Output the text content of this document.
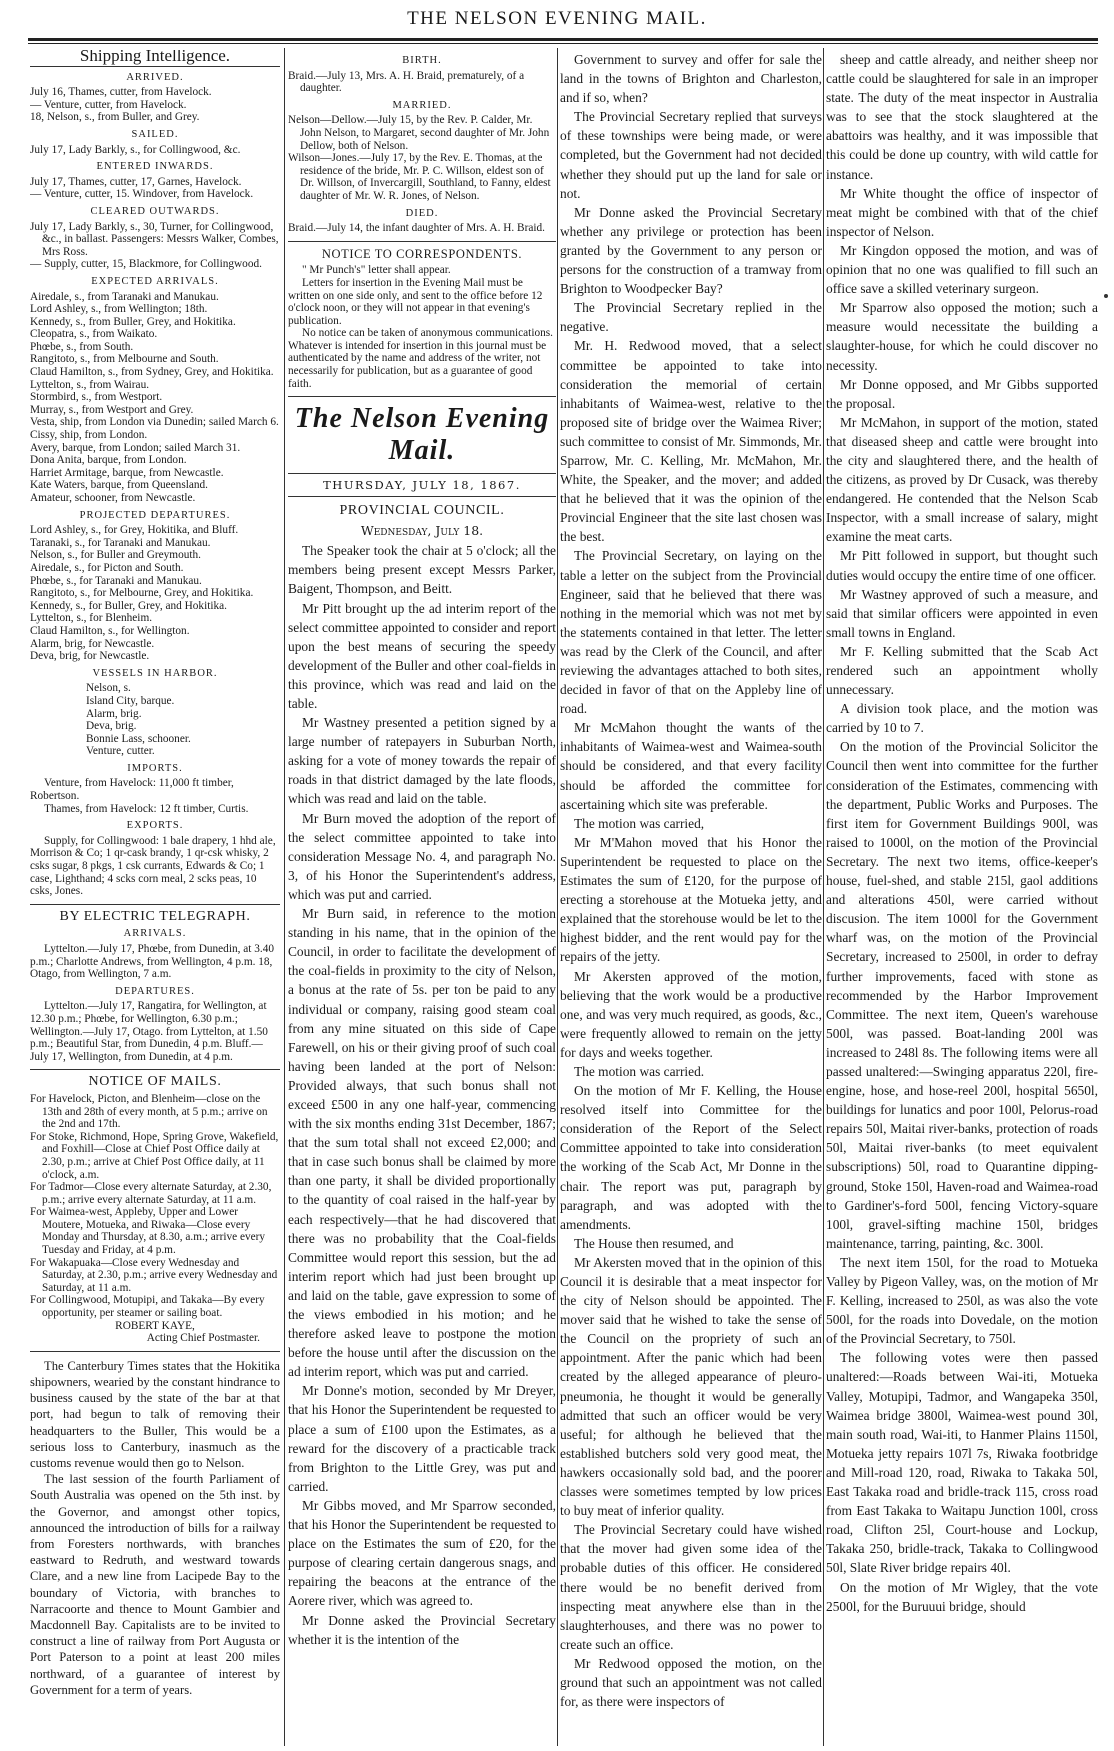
THE NELSON EVENING MAIL.
Shipping Intelligence.
ARRIVED.

July 16, Thames, cutter, from Havelock.

— Venture, cutter, from Havelock.

18, Nelson, s., from Buller, and Grey.

SAILED.

July 17, Lady Barkly, s., for Collingwood, &c.

ENTERED INWARDS.

July 17, Thames, cutter, 17, Garnes, Havelock.

— Venture, cutter, 15. Windover, from Havelock.

CLEARED OUTWARDS.

July 17, Lady Barkly, s., 30, Turner, for Collingwood, &c., in ballast. Passengers: Messrs Walker, Combes, Mrs Ross.

— Supply, cutter, 15, Blackmore, for Collingwood.

EXPECTED ARRIVALS.

Airedale, s., from Taranaki and Manukau.

Lord Ashley, s., from Wellington; 18th.

Kennedy, s., from Buller, Grey, and Hokitika.

Cleopatra, s., from Waikato.

Phœbe, s., from South.

Rangitoto, s., from Melbourne and South.

Claud Hamilton, s., from Sydney, Grey, and Hokitika.

Lyttelton, s., from Wairau.

Stormbird, s., from Westport.

Murray, s., from Westport and Grey.

Vesta, ship, from London via Dunedin; sailed March 6.

Cissy, ship, from London.

Avery, barque, from London; sailed March 31.

Dona Anita, barque, from London.

Harriet Armitage, barque, from Newcastle.

Kate Waters, barque, from Queensland.

Amateur, schooner, from Newcastle.

PROJECTED DEPARTURES.

Lord Ashley, s., for Grey, Hokitika, and Bluff.

Taranaki, s., for Taranaki and Manukau.

Nelson, s., for Buller and Greymouth.

Airedale, s., for Picton and South.

Phœbe, s., for Taranaki and Manukau.

Rangitoto, s., for Melbourne, Grey, and Hokitika.

Kennedy, s., for Buller, Grey, and Hokitika.

Lyttelton, s., for Blenheim.

Claud Hamilton, s., for Wellington.

Alarm, brig, for Newcastle.

Deva, brig, for Newcastle.

VESSELS IN HARBOR.

Nelson, s.

Island City, barque.

Alarm, brig.

Deva, brig.

Bonnie Lass, schooner.

Venture, cutter.

IMPORTS.

Venture, from Havelock: 11,000 ft timber, Robertson.

Thames, from Havelock: 12 ft timber, Curtis.

EXPORTS.

Supply, for Collingwood: 1 bale drapery, 1 hhd ale, Morrison & Co; 1 qr-cask brandy, 1 qr-csk whisky, 2 csks sugar, 8 pkgs, 1 csk currants, Edwards & Co; 1 case, Lighthand; 4 scks corn meal, 2 scks peas, 10 csks, Jones.

BY ELECTRIC TELEGRAPH.
ARRIVALS.

Lyttelton.—July 17, Phœbe, from Dunedin, at 3.40 p.m.; Charlotte Andrews, from Wellington, 4 p.m. 18, Otago, from Wellington, 7 a.m.

DEPARTURES.

Lyttelton.—July 17, Rangatira, for Wellington, at 12.30 p.m.; Phœbe, for Wellington, 6.30 p.m.; Wellington.—July 17, Otago. from Lyttelton, at 1.50 p.m.; Beautiful Star, from Dunedin, 4 p.m. Bluff.—July 17, Wellington, from Dunedin, at 4 p.m.

NOTICE OF MAILS.

For Havelock, Picton, and Blenheim—close on the 13th and 28th of every month, at 5 p.m.; arrive on the 2nd and 17th.

For Stoke, Richmond, Hope, Spring Grove, Wakefield, and Foxhill—Close at Chief Post Office daily at 2.30, p.m.; arrive at Chief Post Office daily, at 11 o'clock, a.m.

For Tadmor—Close every alternate Saturday, at 2.30, p.m.; arrive every alternate Saturday, at 11 a.m.

For Waimea-west, Appleby, Upper and Lower Moutere, Motueka, and Riwaka—Close every Monday and Thursday, at 8.30, a.m.; arrive every Tuesday and Friday, at 4 p.m.

For Wakapuaka—Close every Wednesday and Saturday, at 2.30, p.m.; arrive every Wednesday and Saturday, at 11 a.m.

For Collingwood, Motupipi, and Takaka—By every opportunity, per steamer or sailing boat.

ROBERT KAYE,
Acting Chief Postmaster.

The Canterbury Times states that the Hokitika shipowners, wearied by the constant hindrance to business caused by the state of the bar at that port, had begun to talk of removing their headquarters to the Buller, This would be a serious loss to Canterbury, inasmuch as the customs revenue would then go to Nelson.

The last session of the fourth Parliament of South Australia was opened on the 5th inst. by the Governor, and amongst other topics, announced the introduction of bills for a railway from Foresters northwards, with branches eastward to Redruth, and westward towards Clare, and a new line from Lacipede Bay to the boundary of Victoria, with branches to Narracoorte and thence to Mount Gambier and Macdonnell Bay. Capitalists are to be invited to construct a line of railway from Port Augusta or Port Paterson to a point at least 200 miles northward, of a guarantee of interest by Government for a term of years.

BIRTH.

Braid.—July 13, Mrs. A. H. Braid, prematurely, of a daughter.

MARRIED.

Nelson—Dellow.—July 15, by the Rev. P. Calder, Mr. John Nelson, to Margaret, second daughter of Mr. John Dellow, both of Nelson.

Wilson—Jones.—July 17, by the Rev. E. Thomas, at the residence of the bride, Mr. P. C. Willson, eldest son of Dr. Willson, of Invercargill, Southland, to Fanny, eldest daughter of Mr. W. R. Jones, of Nelson.

DIED.

Braid.—July 14, the infant daughter of Mrs. A. H. Braid.

NOTICE TO CORRESPONDENTS.

" Mr Punch's" letter shall appear.

Letters for insertion in the Evening Mail must be written on one side only, and sent to the office before 12 o'clock noon, or they will not appear in that evening's publication.

No notice can be taken of anonymous communications. Whatever is intended for insertion in this journal must be authenticated by the name and address of the writer, not necessarily for publication, but as a guarantee of good faith.

The Nelson Evening Mail.
THURSDAY, JULY 18, 1867.
PROVINCIAL COUNCIL.
Wednesday, July 18.

The Speaker took the chair at 5 o'clock; all the members being present except Messrs Parker, Baigent, Thompson, and Beitt.

Mr Pitt brought up the ad interim report of the select committee appointed to consider and report upon the best means of securing the speedy development of the Buller and other coal-fields in this province, which was read and laid on the table.

Mr Wastney presented a petition signed by a large number of ratepayers in Suburban North, asking for a vote of money towards the repair of roads in that district damaged by the late floods, which was read and laid on the table.

Mr Burn moved the adoption of the report of the select committee appointed to take into consideration Message No. 4, and paragraph No. 3, of his Honor the Superintendent's address, which was put and carried.

Mr Burn said, in reference to the motion standing in his name, that in the opinion of the Council, in order to facilitate the development of the coal-fields in proximity to the city of Nelson, a bonus at the rate of 5s. per ton be paid to any individual or company, raising good steam coal from any mine situated on this side of Cape Farewell, on his or their giving proof of such coal having been landed at the port of Nelson: Provided always, that such bonus shall not exceed £500 in any one half-year, commencing with the six months ending 31st December, 1867; that the sum total shall not exceed £2,000; and that in case such bonus shall be claimed by more than one party, it shall be divided proportionally to the quantity of coal raised in the half-year by each respectively—that he had discovered that there was no probability that the Coal-fields Committee would report this session, but the ad interim report which had just been brought up and laid on the table, gave expression to some of the views embodied in his motion; and he therefore asked leave to postpone the motion before the house until after the discussion on the ad interim report, which was put and carried.

Mr Donne's motion, seconded by Mr Dreyer, that his Honor the Superintendent be requested to place a sum of £100 upon the Estimates, as a reward for the discovery of a practicable track from Brighton to the Little Grey, was put and carried.

Mr Gibbs moved, and Mr Sparrow seconded, that his Honor the Superintendent be requested to place on the Estimates the sum of £20, for the purpose of clearing certain dangerous snags, and repairing the beacons at the entrance of the Aorere river, which was agreed to.

Mr Donne asked the Provincial Secretary whether it is the intention of the

Government to survey and offer for sale the land in the towns of Brighton and Charleston, and if so, when?

The Provincial Secretary replied that surveys of these townships were being made, or were completed, but the Government had not decided whether they should put up the land for sale or not.

Mr Donne asked the Provincial Secretary whether any privilege or protection has been granted by the Government to any person or persons for the construction of a tramway from Brighton to Woodpecker Bay?

The Provincial Secretary replied in the negative.

Mr. H. Redwood moved, that a select committee be appointed to take into consideration the memorial of certain inhabitants of Waimea-west, relative to the proposed site of bridge over the Waimea River; such committee to consist of Mr. Simmonds, Mr. Sparrow, Mr. C. Kelling, Mr. McMahon, Mr. White, the Speaker, and the mover; and added that he believed that it was the opinion of the Provincial Engineer that the site last chosen was the best.

The Provincial Secretary, on laying on the table a letter on the subject from the Provincial Engineer, said that he believed that there was nothing in the memorial which was not met by the statements contained in that letter. The letter was read by the Clerk of the Council, and after reviewing the advantages attached to both sites, decided in favor of that on the Appleby line of road.

Mr McMahon thought the wants of the inhabitants of Waimea-west and Waimea-south should be considered, and that every facility should be afforded the committee for ascertaining which site was preferable.

The motion was carried,

Mr M'Mahon moved that his Honor the Superintendent be requested to place on the Estimates the sum of £120, for the purpose of erecting a storehouse at the Motueka jetty, and explained that the storehouse would be let to the highest bidder, and the rent would pay for the repairs of the jetty.

Mr Akersten approved of the motion, believing that the work would be a productive one, and was very much required, as goods, &c., were frequently allowed to remain on the jetty for days and weeks together.

The motion was carried.

On the motion of Mr F. Kelling, the House resolved itself into Committee for the consideration of the Report of the Select Committee appointed to take into consideration the working of the Scab Act, Mr Donne in the chair. The report was put, paragraph by paragraph, and was adopted with the amendments.

The House then resumed, and

Mr Akersten moved that in the opinion of this Council it is desirable that a meat inspector for the city of Nelson should be appointed. The mover said that he wished to take the sense of the Council on the propriety of such an appointment. After the panic which had been created by the alleged appearance of pleuro-pneumonia, he thought it would be generally admitted that such an officer would be very useful; for although he believed that the established butchers sold very good meat, the hawkers occasionally sold bad, and the poorer classes were sometimes tempted by low prices to buy meat of inferior quality.

The Provincial Secretary could have wished that the mover had given some idea of the probable duties of this officer. He considered there would be no benefit derived from inspecting meat anywhere else than in the slaughterhouses, and there was no power to create such an office.

Mr Redwood opposed the motion, on the ground that such an appointment was not called for, as there were inspectors of

sheep and cattle already, and neither sheep nor cattle could be slaughtered for sale in an improper state. The duty of the meat inspector in Australia was to see that the stock slaughtered at the abattoirs was healthy, and it was impossible that this could be done up country, with wild cattle for instance.

Mr White thought the office of inspector of meat might be combined with that of the chief inspector of Nelson.

Mr Kingdon opposed the motion, and was of opinion that no one was qualified to fill such an office save a skilled veterinary surgeon.

Mr Sparrow also opposed the motion; such a measure would necessitate the building a slaughter-house, for which he could discover no necessity.

Mr Donne opposed, and Mr Gibbs supported the proposal.

Mr McMahon, in support of the motion, stated that diseased sheep and cattle were brought into the city and slaughtered there, and the health of the citizens, as proved by Dr Cusack, was thereby endangered. He contended that the Nelson Scab Inspector, with a small increase of salary, might examine the meat carts.

Mr Pitt followed in support, but thought such duties would occupy the entire time of one officer.

Mr Wastney approved of such a measure, and said that similar officers were appointed in even small towns in England.

Mr F. Kelling submitted that the Scab Act rendered such an appointment wholly unnecessary.

A division took place, and the motion was carried by 10 to 7.

On the motion of the Provincial Solicitor the Council then went into committee for the further consideration of the Estimates, commencing with the department, Public Works and Purposes. The first item for Government Buildings 900l, was raised to 1000l, on the motion of the Provincial Secretary. The next two items, office-keeper's house, fuel-shed, and stable 215l, gaol additions and alterations 450l, were carried without discusion. The item 1000l for the Government wharf was, on the motion of the Provincial Secretary, increased to 2500l, in order to defray further improvements, faced with stone as recommended by the Harbor Improvement Committee. The next item, Queen's warehouse 500l, was passed. Boat-landing 200l was increased to 248l 8s. The following items were all passed unaltered:—Swinging apparatus 220l, fire-engine, hose, and hose-reel 200l, hospital 5650l, buildings for lunatics and poor 100l, Pelorus-road repairs 50l, Maitai river-banks, protection of roads 50l, Maitai river-banks (to meet equivalent subscriptions) 50l, road to Quarantine dipping-ground, Stoke 150l, Haven-road and Waimea-road to Gardiner's-ford 500l, fencing Victory-square 100l, gravel-sifting machine 150l, bridges maintenance, tarring, painting, &c. 300l.

The next item 150l, for the road to Motueka Valley by Pigeon Valley, was, on the motion of Mr F. Kelling, increased to 250l, as was also the vote 500l, for the roads into Dovedale, on the motion of the Provincial Secretary, to 750l.

The following votes were then passed unaltered:—Roads between Wai-iti, Motueka Valley, Motupipi, Tadmor, and Wangapeka 350l, Waimea bridge 3800l, Waimea-west pound 30l, main south road, Wai-iti, to Hanmer Plains 1150l, Motueka jetty repairs 107l 7s, Riwaka footbridge and Mill-road 120, road, Riwaka to Takaka 50l, East Takaka road and bridle-track 115, cross road from East Takaka to Waitapu Junction 100l, cross road, Clifton 25l, Court-house and Lockup, Takaka 250, bridle-track, Takaka to Collingwood 50l, Slate River bridge repairs 40l.

On the motion of Mr Wigley, that the vote 2500l, for the Buruuui bridge, should
